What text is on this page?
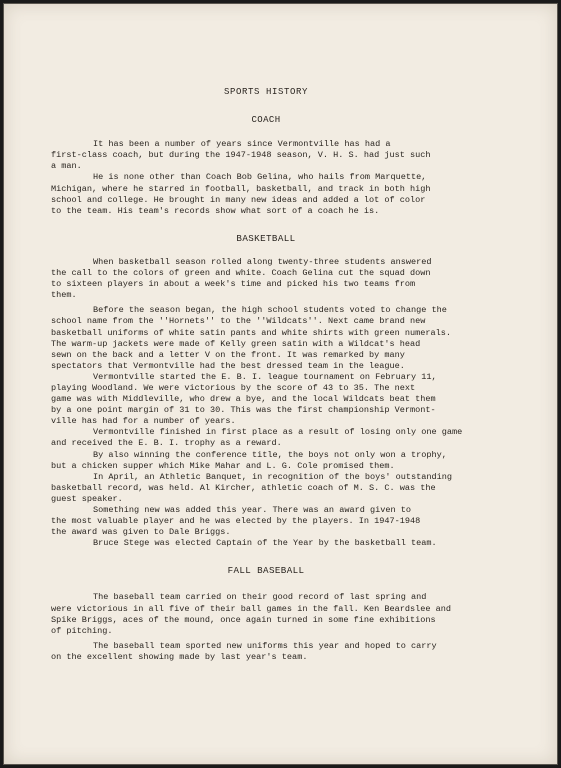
SPORTS HISTORY
COACH

It has been a number of years since Vermontville has had a
first-class coach, but during the 1947-1948 season, V. H. S. had just such
a man.

He is none other than Coach Bob Gelina, who hails from Marquette,
Michigan, where he starred in football, basketball, and track in both high
school and college. He brought in many new ideas and added a lot of color
to the team. His team's records show what sort of a coach he is.

BASKETBALL

When basketball season rolled along twenty-three students answered
the call to the colors of green and white. Coach Gelina cut the squad down
to sixteen players in about a week's time and picked his two teams from
them.

Before the season began, the high school students voted to change the
school name from the ''Hornets'' to the ''Wildcats''. Next came brand new
basketball uniforms of white satin pants and white shirts with green numerals.
The warm-up jackets were made of Kelly green satin with a Wildcat's head
sewn on the back and a letter V on the front. It was remarked by many
spectators that Vermontville had the best dressed team in the league.

Vermontville started the E. B. I. league tournament on February 11,
playing Woodland. We were victorious by the score of 43 to 35. The next
game was with Middleville, who drew a bye, and the local Wildcats beat them
by a one point margin of 31 to 30. This was the first championship Vermont-
ville has had for a number of years.

Vermontville finished in first place as a result of losing only one game
and received the E. B. I. trophy as a reward.

By also winning the conference title, the boys not only won a trophy,
but a chicken supper which Mike Mahar and L. G. Cole promised them.

In April, an Athletic Banquet, in recognition of the boys' outstanding
basketball record, was held. Al Kircher, athletic coach of M. S. C. was the
guest speaker.

Something new was added this year. There was an award given to
the most valuable player and he was elected by the players. In 1947-1948
the award was given to Dale Briggs.

Bruce Stege was elected Captain of the Year by the basketball team.

FALL BASEBALL

The baseball team carried on their good record of last spring and
were victorious in all five of their ball games in the fall. Ken Beardslee and
Spike Briggs, aces of the mound, once again turned in some fine exhibitions
of pitching.

The baseball team sported new uniforms this year and hoped to carry
on the excellent showing made by last year's team.
